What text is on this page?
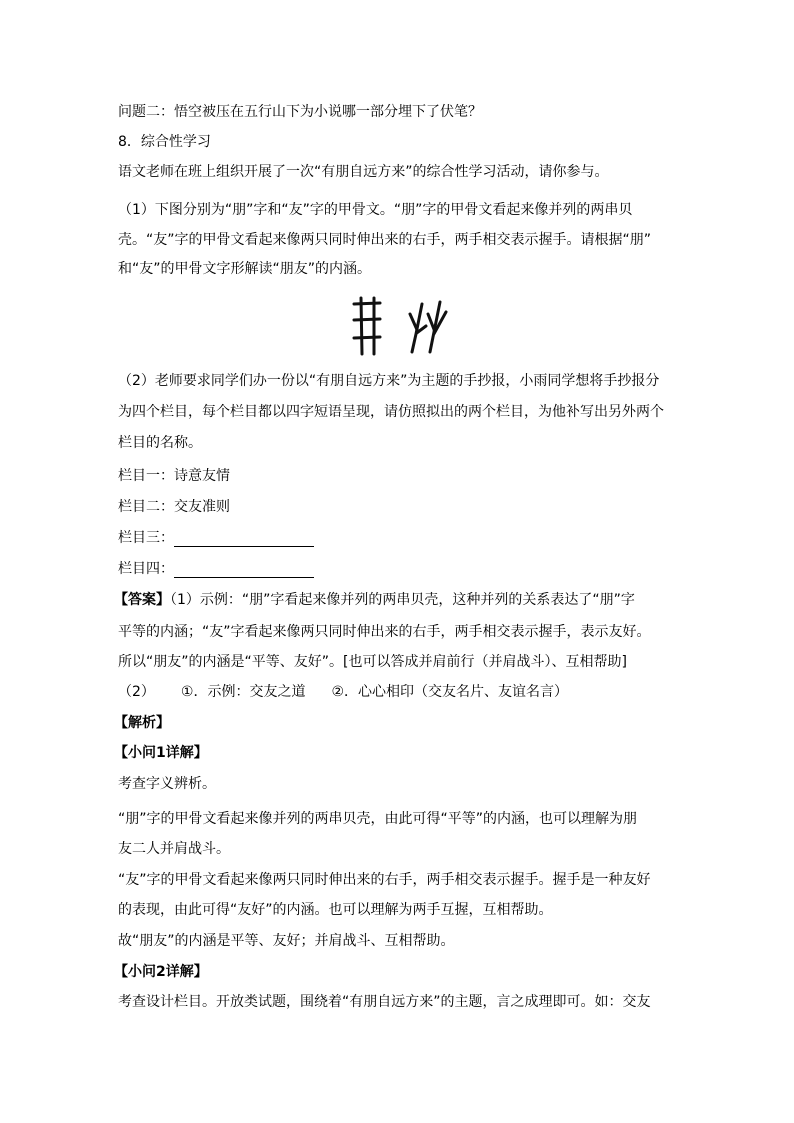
问题二：悟空被压在五行山下为小说哪一部分埋下了伏笔？
8．综合性学习
语文老师在班上组织开展了一次“有朋自远方来”的综合性学习活动，请你参与。
（1）下图分别为“朋”字和“友”字的甲骨文。“朋”字的甲骨文看起来像并列的两串贝
壳。“友”字的甲骨文看起来像两只同时伸出来的右手，两手相交表示握手。请根据“朋”
和“友”的甲骨文字形解读“朋友”的内涵。
（2）老师要求同学们办一份以“有朋自远方来”为主题的手抄报，小雨同学想将手抄报分
为四个栏目，每个栏目都以四字短语呈现，请仿照拟出的两个栏目，为他补写出另外两个
栏目的名称。
栏目一：诗意友情
栏目二：交友准则
栏目三：
栏目四：
【答案】（1）示例：“朋”字看起来像并列的两串贝壳，这种并列的关系表达了“朋”字
平等的内涵；“友”字看起来像两只同时伸出来的右手，两手相交表示握手，表示友好。
所以“朋友”的内涵是“平等、友好”。[也可以答成并肩前行（并肩战斗）、互相帮助]
（2） ①．示例：交友之道 ②．心心相印（交友名片、友谊名言）
【解析】
【小问1详解】
考查字义辨析。
“朋”字的甲骨文看起来像并列的两串贝壳，由此可得“平等”的内涵，也可以理解为朋
友二人并肩战斗。
“友”字的甲骨文看起来像两只同时伸出来的右手，两手相交表示握手。握手是一种友好
的表现，由此可得“友好”的内涵。也可以理解为两手互握，互相帮助。
故“朋友”的内涵是平等、友好；并肩战斗、互相帮助。
【小问2详解】
考查设计栏目。开放类试题，围绕着“有朋自远方来”的主题，言之成理即可。如：交友
